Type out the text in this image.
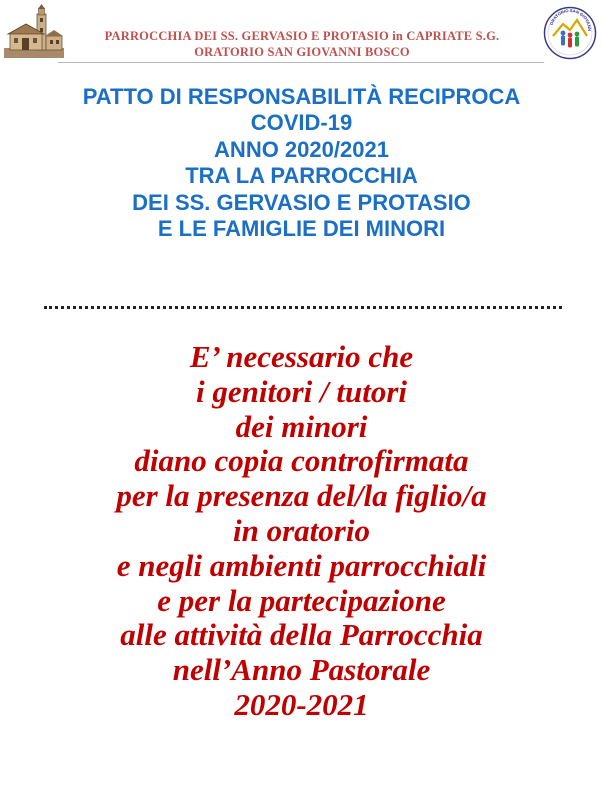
PARROCCHIA DEI SS. GERVASIO E PROTASIO in CAPRIATE S.G.
ORATORIO SAN GIOVANNI BOSCO
ORATORIO SAN GIOVANN
PATTO DI RESPONSABILITÀ RECIPROCA
COVID-19
ANNO 2020/2021
TRA LA PARROCCHIA
DEI SS. GERVASIO E PROTASIO
E LE FAMIGLIE DEI MINORI
E’ necessario che
i genitori / tutori
dei minori
diano copia controfirmata
per la presenza del/la figlio/a
in oratorio
e negli ambienti parrocchiali
e per la partecipazione
alle attività della Parrocchia
nell’Anno Pastorale
2020-2021
